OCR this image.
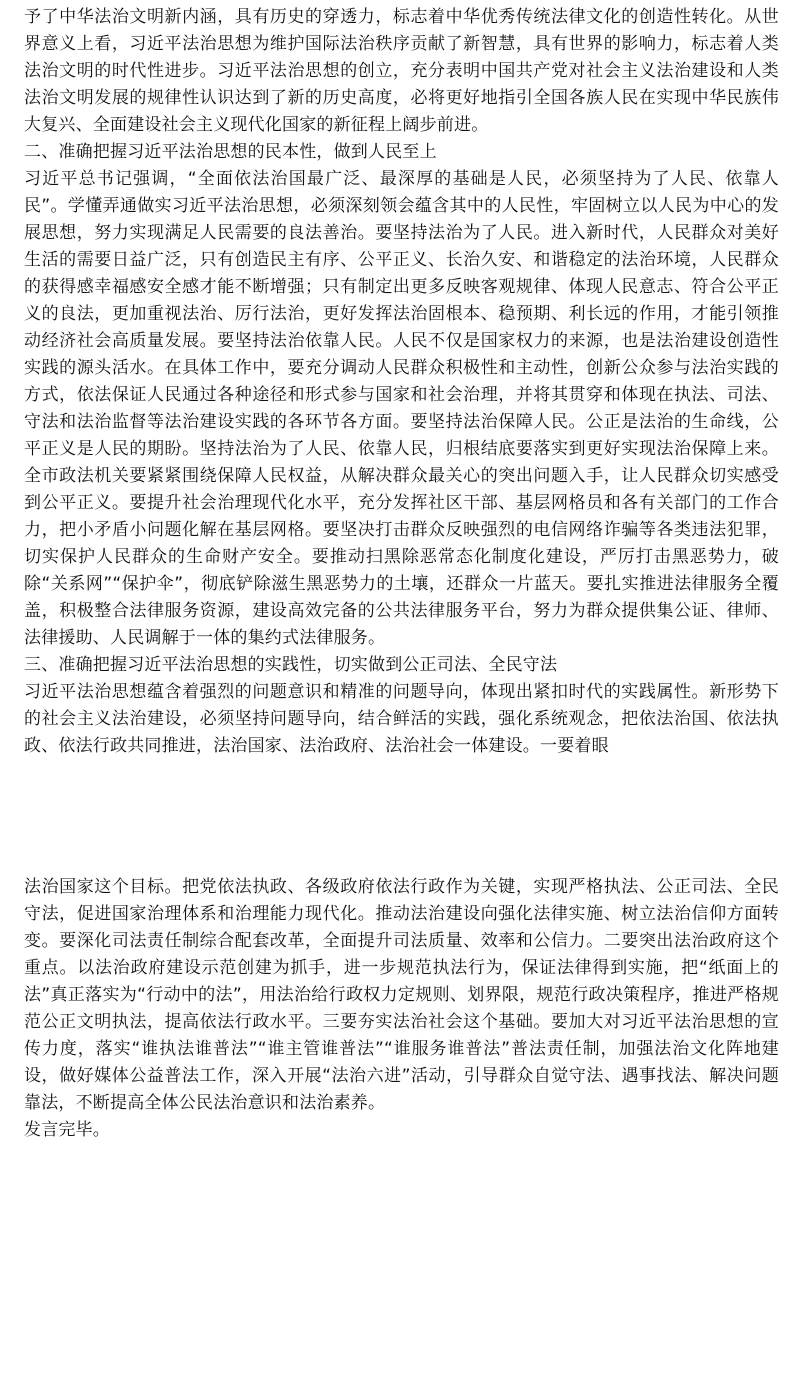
予了中华法治文明新内涵，具有历史的穿透力，标志着中华优秀传统法律文化的创造性转化。从世界意义上看，习近平法治思想为维护国际法治秩序贡献了新智慧，具有世界的影响力，标志着人类法治文明的时代性进步。习近平法治思想的创立，充分表明中国共产党对社会主义法治建设和人类法治文明发展的规律性认识达到了新的历史高度，必将更好地指引全国各族人民在实现中华民族伟大复兴、全面建设社会主义现代化国家的新征程上阔步前进。

二、准确把握习近平法治思想的民本性，做到人民至上

习近平总书记强调，“全面依法治国最广泛、最深厚的基础是人民，必须坚持为了人民、依靠人民”。学懂弄通做实习近平法治思想，必须深刻领会蕴含其中的人民性，牢固树立以人民为中心的发展思想，努力实现满足人民需要的良法善治。要坚持法治为了人民。进入新时代，人民群众对美好生活的需要日益广泛，只有创造民主有序、公平正义、长治久安、和谐稳定的法治环境，人民群众的获得感幸福感安全感才能不断增强；只有制定出更多反映客观规律、体现人民意志、符合公平正义的良法，更加重视法治、厉行法治，更好发挥法治固根本、稳预期、利长远的作用，才能引领推动经济社会高质量发展。要坚持法治依靠人民。人民不仅是国家权力的来源，也是法治建设创造性实践的源头活水。在具体工作中，要充分调动人民群众积极性和主动性，创新公众参与法治实践的方式，依法保证人民通过各种途径和形式参与国家和社会治理，并将其贯穿和体现在执法、司法、守法和法治监督等法治建设实践的各环节各方面。要坚持法治保障人民。公正是法治的生命线，公平正义是人民的期盼。坚持法治为了人民、依靠人民，归根结底要落实到更好实现法治保障上来。全市政法机关要紧紧围绕保障人民权益，从解决群众最关心的突出问题入手，让人民群众切实感受到公平正义。要提升社会治理现代化水平，充分发挥社区干部、基层网格员和各有关部门的工作合力，把小矛盾小问题化解在基层网格。要坚决打击群众反映强烈的电信网络诈骗等各类违法犯罪，切实保护人民群众的生命财产安全。要推动扫黑除恶常态化制度化建设，严厉打击黑恶势力，破除“关系网”“保护伞”，彻底铲除滋生黑恶势力的土壤，还群众一片蓝天。要扎实推进法律服务全覆盖，积极整合法律服务资源，建设高效完备的公共法律服务平台，努力为群众提供集公证、律师、法律援助、人民调解于一体的集约式法律服务。

三、准确把握习近平法治思想的实践性，切实做到公正司法、全民守法

习近平法治思想蕴含着强烈的问题意识和精准的问题导向，体现出紧扣时代的实践属性。新形势下的社会主义法治建设，必须坚持问题导向，结合鲜活的实践，强化系统观念，把依法治国、依法执政、依法行政共同推进，法治国家、法治政府、法治社会一体建设。一要着眼

法治国家这个目标。把党依法执政、各级政府依法行政作为关键，实现严格执法、公正司法、全民守法，促进国家治理体系和治理能力现代化。推动法治建设向强化法律实施、树立法治信仰方面转变。要深化司法责任制综合配套改革，全面提升司法质量、效率和公信力。二要突出法治政府这个重点。以法治政府建设示范创建为抓手，进一步规范执法行为，保证法律得到实施，把“纸面上的法”真正落实为“行动中的法”，用法治给行政权力定规则、划界限，规范行政决策程序，推进严格规范公正文明执法，提高依法行政水平。三要夯实法治社会这个基础。要加大对习近平法治思想的宣传力度，落实“谁执法谁普法”“谁主管谁普法”“谁服务谁普法”普法责任制，加强法治文化阵地建设，做好媒体公益普法工作，深入开展“法治六进”活动，引导群众自觉守法、遇事找法、解决问题靠法，不断提高全体公民法治意识和法治素养。

发言完毕。
